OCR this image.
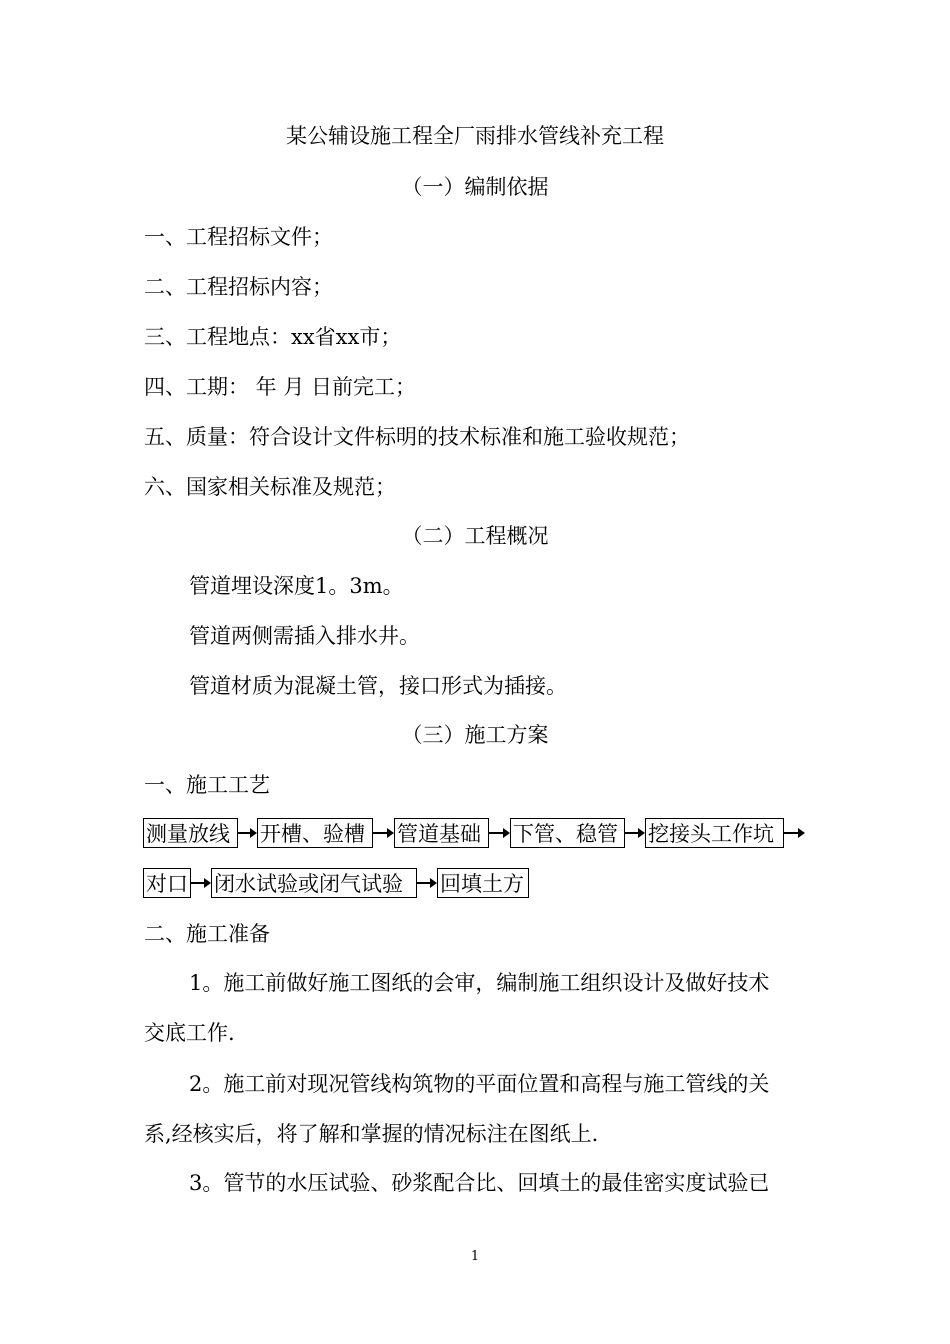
某公辅设施工程全厂雨排水管线补充工程
（一）编制依据
一、工程招标文件；
二、工程招标内容；
三、工程地点：xx省xx市；
四、工期： 年 月 日前完工；
五、质量：符合设计文件标明的技术标准和施工验收规范；
六、国家相关标准及规范；
（二）工程概况
管道埋设深度1。3m。
管道两侧需插入排水井。
管道材质为混凝土管，接口形式为插接。
（三）施工方案
一、施工工艺
测量放线	开槽、验槽	管道基础	下管、稳管	挖接头工作坑
对口 闭水试验或闭气试验	回填土方
二、施工准备
1。施工前做好施工图纸的会审，编制施工组织设计及做好技术
交底工作.
2。施工前对现况管线构筑物的平面位置和高程与施工管线的关
系,经核实后，将了解和掌握的情况标注在图纸上.
3。管节的水压试验、砂浆配合比、回填土的最佳密实度试验已
1
